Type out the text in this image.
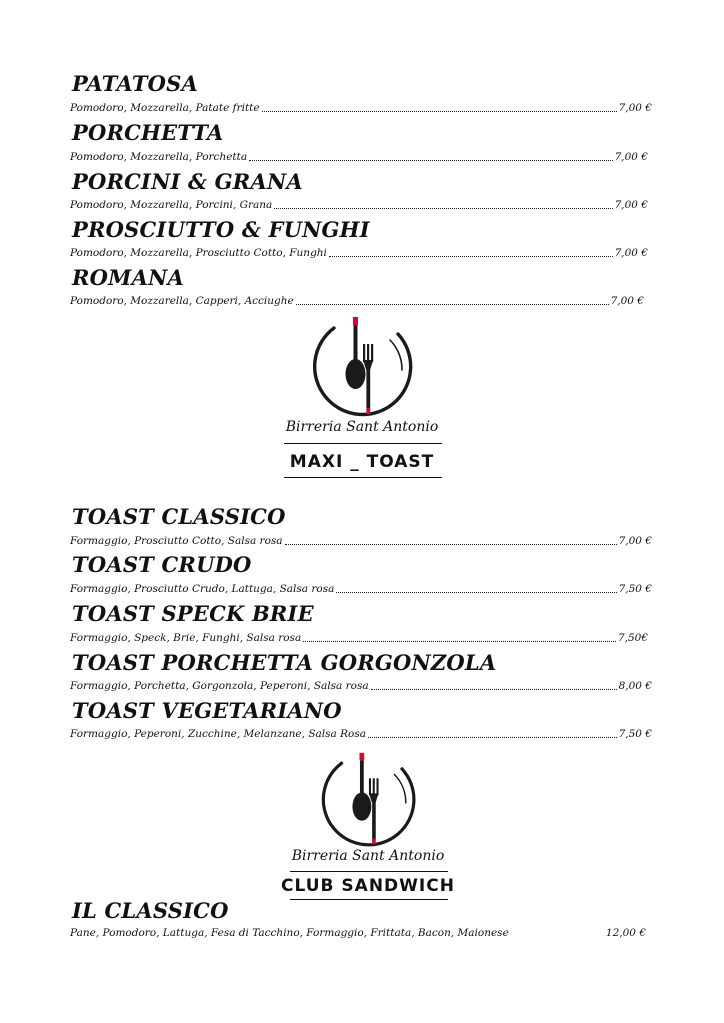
PATATOSA
Pomodoro, Mozzarella, Patate fritte	7,00 €
PORCHETTA
Pomodoro, Mozzarella, Porchetta	7,00 €
PORCINI & GRANA
Pomodoro, Mozzarella, Porcini, Grana	7,00 €
PROSCIUTTO & FUNGHI
Pomodoro, Mozzarella, Prosciutto Cotto, Funghi	7,00 €
ROMANA
Pomodoro, Mozzarella, Capperi, Acciughe	7,00 €
Birreria Sant Antonio
MAXI _ TOAST
TOAST CLASSICO
Formaggio, Prosciutto Cotto, Salsa rosa	7,00 €
TOAST CRUDO
Formaggio, Prosciutto Crudo, Lattuga, Salsa rosa	7,50 €
TOAST SPECK BRIE
Formaggio, Speck, Brie, Funghi, Salsa rosa	7,50€
TOAST PORCHETTA GORGONZOLA
Formaggio, Porchetta, Gorgonzola, Peperoni, Salsa rosa	8,00 €
TOAST VEGETARIANO
Formaggio, Peperoni, Zucchine, Melanzane, Salsa Rosa	7,50 €
Birreria Sant Antonio
CLUB SANDWICH
IL CLASSICO
Pane, Pomodoro, Lattuga, Fesa di Tacchino, Formaggio, Frittata, Bacon, Maionese	12,00 €
